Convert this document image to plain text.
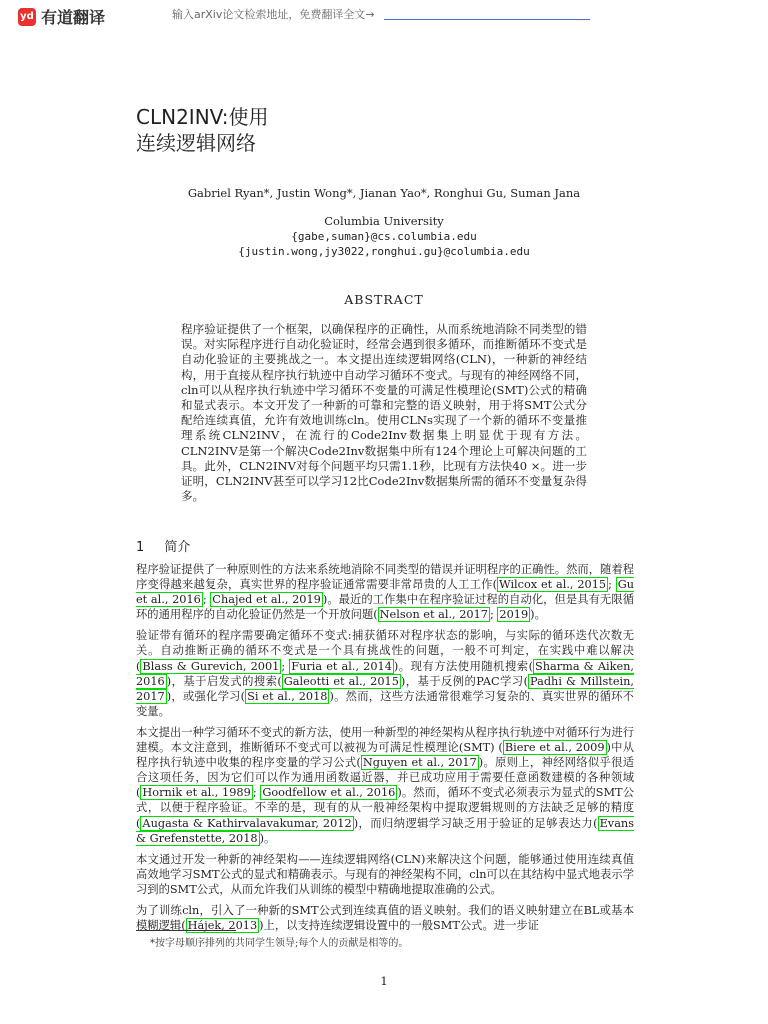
yd 有道翻译	输入arXiv论文检索地址，免费翻译全文→
CLN2INV:使用
连续逻辑网络
Gabriel Ryan*, Justin Wong*, Jianan Yao*, Ronghui Gu, Suman Jana
Columbia University
{gabe,suman}@cs.columbia.edu
{justin.wong,jy3022,ronghui.gu}@columbia.edu
ABSTRACT
程序验证提供了一个框架，以确保程序的正确性，从而系统地消除不同类型的错误。对实际程序进行自动化验证时，经常会遇到很多循环，而推断循环不变式是自动化验证的主要挑战之一。本文提出连续逻辑网络(CLN)，一种新的神经结构，用于直接从程序执行轨迹中自动学习循环不变式。与现有的神经网络不同，cln可以从程序执行轨迹中学习循环不变量的可满足性模理论(SMT)公式的精确和显式表示。本文开发了一种新的可靠和完整的语义映射，用于将SMT公式分配给连续真值，允许有效地训练cln。使用CLNs实现了一个新的循环不变量推理系统CLN2INV，在流行的Code2Inv数据集上明显优于现有方法。CLN2INV是第一个解决Code2Inv数据集中所有124个理论上可解决问题的工具。此外，CLN2INV对每个问题平均只需1.1秒，比现有方法快40 ×。进一步证明，CLN2INV甚至可以学习12比Code2Inv数据集所需的循环不变量复杂得多。
1 简介

程序验证提供了一种原则性的方法来系统地消除不同类型的错误并证明程序的正确性。然而，随着程序变得越来越复杂，真实世界的程序验证通常需要非常昂贵的人工工作( Wilcox et al., 2015 ; Gu et al., 2016 ; Chajed et al., 2019 )。最近的工作集中在程序验证过程的自动化，但是具有无限循环的通用程序的自动化验证仍然是一个开放问题( Nelson et al., 2017 ; 2019 )。

验证带有循环的程序需要确定循环不变式:捕获循环对程序状态的影响，与实际的循环迭代次数无关。自动推断正确的循环不变式是一个具有挑战性的问题，一般不可判定，在实践中难以解决( Blass & Gurevich, 2001 ; Furia et al., 2014 )。现有方法使用随机搜索( Sharma & Aiken, 2016 )，基于启发式的搜索( Galeotti et al., 2015 )，基于反例的PAC学习( Padhi & Millstein, 2017 )，或强化学习( Si et al., 2018 )。然而，这些方法通常很难学习复杂的、真实世界的循环不变量。

本文提出一种学习循环不变式的新方法，使用一种新型的神经架构从程序执行轨迹中对循环行为进行建模。本文注意到，推断循环不变式可以被视为可满足性模理论(SMT) ( Biere et al., 2009 )中从程序执行轨迹中收集的程序变量的学习公式( Nguyen et al., 2017 )。原则上，神经网络似乎很适合这项任务，因为它们可以作为通用函数逼近器，并已成功应用于需要任意函数建模的各种领域( Hornik et al., 1989 ; Goodfellow et al., 2016 )。然而，循环不变式必须表示为显式的SMT公式，以便于程序验证。不幸的是，现有的从一般神经架构中提取逻辑规则的方法缺乏足够的精度( Augasta & Kathirvalavakumar, 2012 )，而归纳逻辑学习缺乏用于验证的足够表达力( Evans & Grefenstette, 2018 )。

本文通过开发一种新的神经架构——连续逻辑网络(CLN)来解决这个问题，能够通过使用连续真值高效地学习SMT公式的显式和精确表示。与现有的神经架构不同，cln可以在其结构中显式地表示学习到的SMT公式，从而允许我们从训练的模型中精确地提取准确的公式。

为了训练cln，引入了一种新的SMT公式到连续真值的语义映射。我们的语义映射建立在BL或基本模糊逻辑( Hájek, 2013 )上，以支持连续逻辑设置中的一般SMT公式。进一步证

*按字母顺序排列的共同学生领导;每个人的贡献是相等的。
1
